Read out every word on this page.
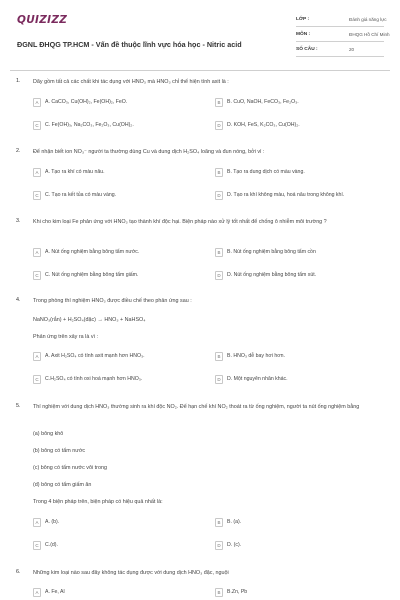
QUIZIZZ
ĐGNL ĐHQG TP.HCM - Vấn đề thuộc lĩnh vực hóa học - Nitric acid
LỚP :	Đánh giá năng lực
MÔN :	ĐHQG Hồ Chí Minh
SỐ CÂU :	20
1. Dãy gồm tất cả các chất khi tác dụng với HNO₃ mà HNO₃ chỉ thể hiện tính axit là :
A	A. CaCO₃, Cu(OH)₂, Fe(OH)₂, FeO.	B	B. CuO, NaOH, FeCO₃, Fe₂O₃.
C	C. Fe(OH)₃, Na₂CO₃, Fe₂O₃, Cu(OH)₂.	D	D. KOH, FeS, K₂CO₃, Cu(OH)₂.
2. Để nhận biết ion NO₃⁻ người ta thường dùng Cu và dung dịch H₂SO₄ loãng và đun nóng, bởi vì :
A	A. Tạo ra khí có màu nâu.	B	B. Tạo ra dung dịch có màu vàng.
C	C. Tạo ra kết tủa có màu vàng.	D	D. Tạo ra khí không màu, hoá nâu trong không khí.
3. Khi cho kim loại Fe phản ứng với HNO₃ tạo thành khí độc hại. Biện pháp nào xử lý tốt nhất để chống ô nhiễm môi trường ?
A	A. Nút ống nghiệm bằng bông tẩm nước.	B	B. Nút ống nghiệm bằng bông tẩm cồn
C	C. Nút ống nghiệm bằng bông tẩm giấm.	D	D. Nút ống nghiệm bằng bông tẩm xút.
4. Trong phòng thí nghiệm HNO₃ được điều chế theo phản ứng sau :
NaNO₃(rắn) + H₂SO₄(đặc) → HNO₃ + NaHSO₄
Phản ứng trên xảy ra là vì :
A	A. Axit H₂SO₄ có tính axit mạnh hơn HNO₃.	B	B. HNO₃ dễ bay hơi hơn.
C	C.H₂SO₄ có tính oxi hoá mạnh hơn HNO₃.	D	D. Một nguyên nhân khác.
5. Thí nghiệm với dung dịch HNO₃ thường sinh ra khí độc NO₂. Để hạn chế khí NO₂ thoát ra từ ống nghiệm, người ta nút ống nghiệm bằng
(a) bông khô
(b) bông có tẩm nước
(c) bông có tẩm nước vôi trong
(d) bông có tẩm giấm ăn
Trong 4 biện pháp trên, biện pháp có hiệu quả nhất là:
A	A. (b).	B	B. (a).
C	C.(d).	D	D. (c).
6. Những kim loại nào sau đây không tác dụng được với dung dịch HNO₃ đặc, nguội
A	A. Fe, Al	B	B.Zn, Pb
